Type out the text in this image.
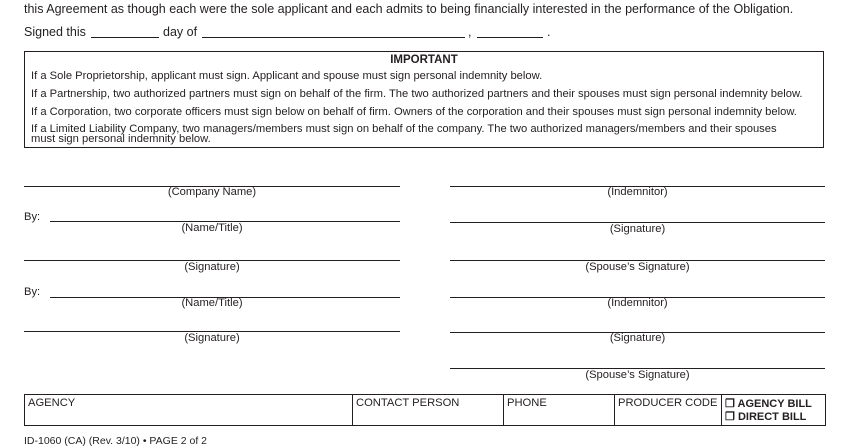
this Agreement as though each were the sole applicant and each admits to being financially interested in the performance of the Obligation.
Signed this	day of	,	.
IMPORTANT
If a Sole Proprietorship, applicant must sign. Applicant and spouse must sign personal indemnity below.
If a Partnership, two authorized partners must sign on behalf of the firm. The two authorized partners and their spouses must sign personal indemnity below.
If a Corporation, two corporate officers must sign below on behalf of firm. Owners of the corporation and their spouses must sign personal indemnity below.
If a Limited Liability Company, two managers/members must sign on behalf of the company. The two authorized managers/members and their spouses
must sign personal indemnity below.
(Company Name)
By:
(Name/Title)
(Signature)
By:
(Name/Title)
(Signature)
(Indemnitor)
(Signature)
(Spouse’s Signature)
(Indemnitor)
(Signature)
(Spouse’s Signature)
AGENCY	CONTACT PERSON	PHONE	PRODUCER CODE ❐ AGENCY BILL
❐ DIRECT BILL
ID-1060 (CA) (Rev. 3/10) • PAGE 2 of 2
